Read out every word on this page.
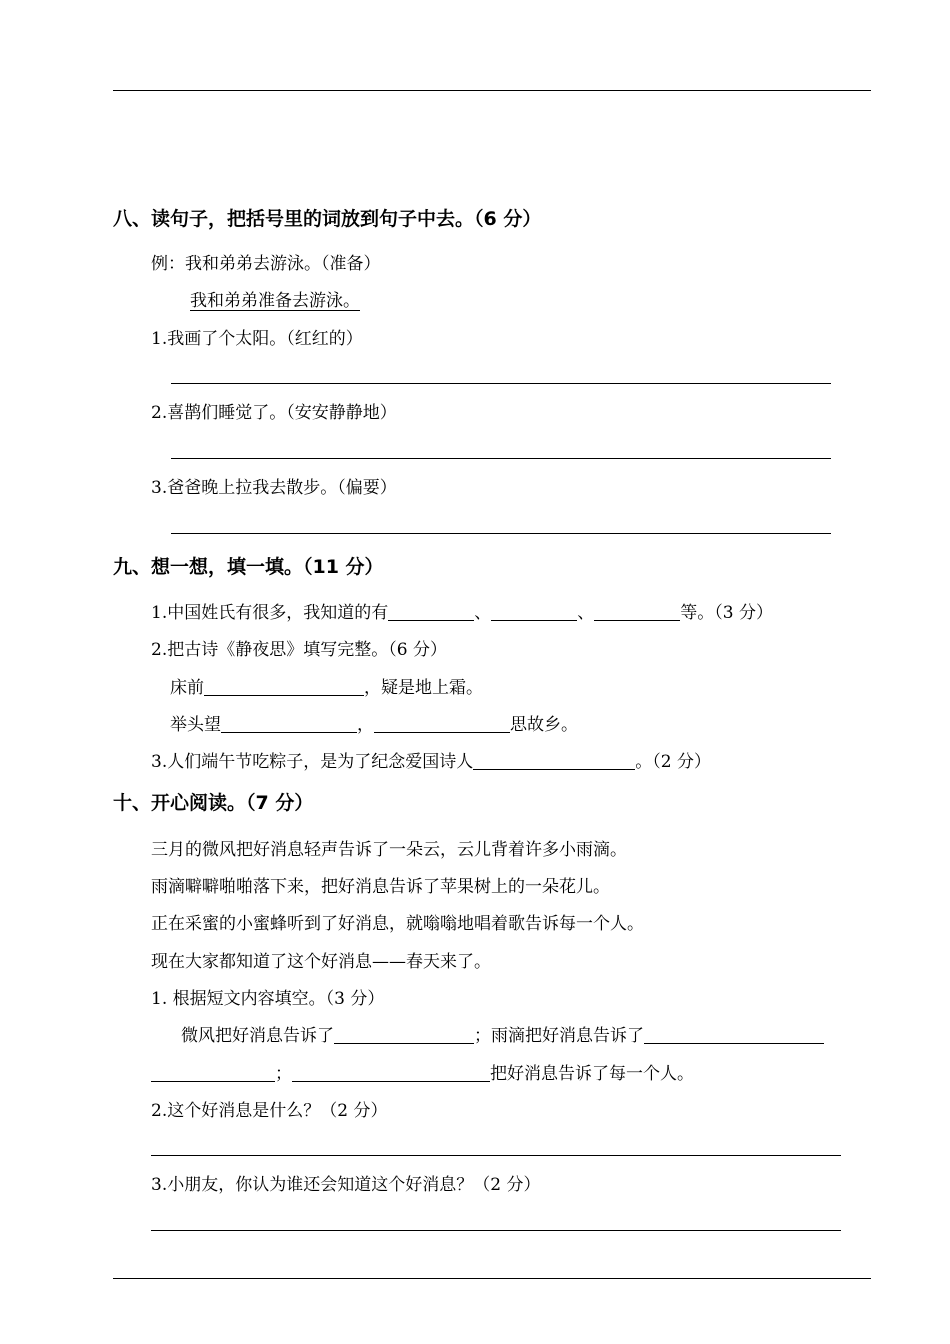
八、读句子，把括号里的词放到句子中去。（6 分）
例：我和弟弟去游泳。（准备）
我和弟弟准备去游泳。
1.我画了个太阳。（红红的）
2.喜鹊们睡觉了。（安安静静地）
3.爸爸晚上拉我去散步。（偏要）
九、想一想，填一填。（11 分）
1.中国姓氏有很多，我知道的有	、	、	等。（3 分）
2.把古诗《静夜思》填写完整。（6 分）
床前	，疑是地上霜。
举头望	，	思故乡。
3.人们端午节吃粽子，是为了纪念爱国诗人	。（2 分）
十、开心阅读。（7 分）
三月的微风把好消息轻声告诉了一朵云，云儿背着许多小雨滴。
雨滴噼噼啪啪落下来，把好消息告诉了苹果树上的一朵花儿。
正在采蜜的小蜜蜂听到了好消息，就嗡嗡地唱着歌告诉每一个人。
现在大家都知道了这个好消息——春天来了。
1. 根据短文内容填空。（3 分）
微风把好消息告诉了	；雨滴把好消息告诉了
；	把好消息告诉了每一个人。
2.这个好消息是什么？（2 分）
3.小朋友，你认为谁还会知道这个好消息？（2 分）
